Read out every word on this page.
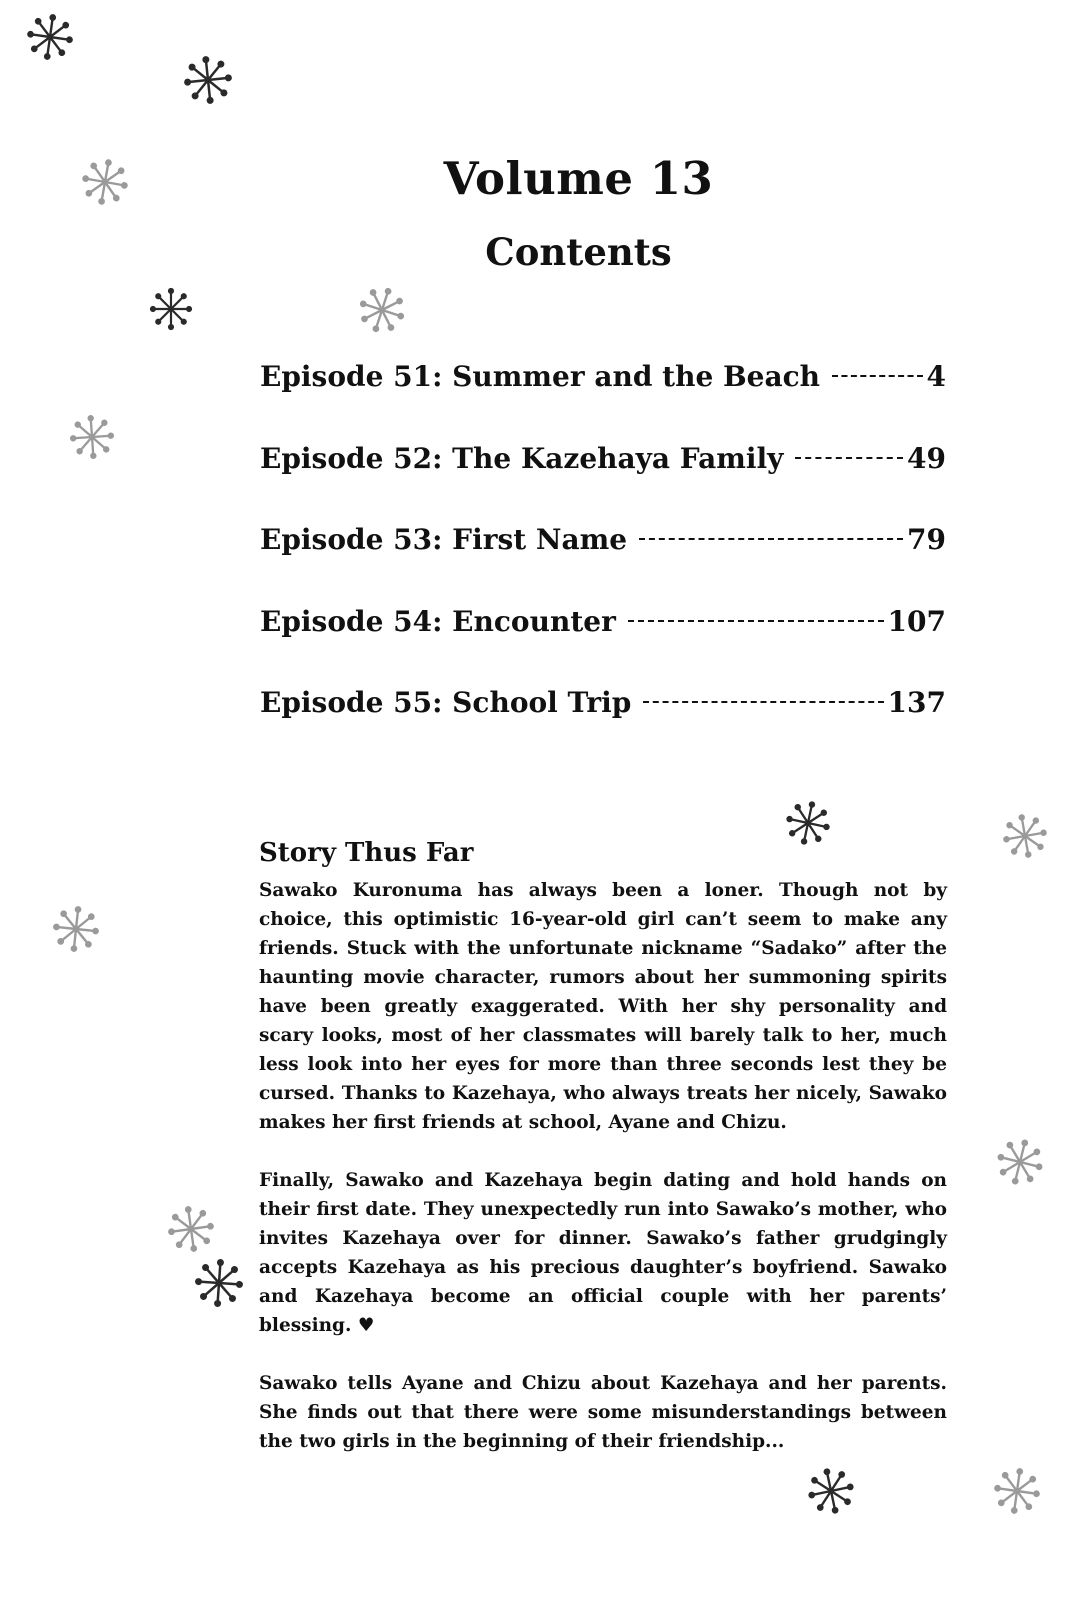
Volume 13
Contents
Episode 51: Summer and the Beach	4
Episode 52: The Kazehaya Family	49
Episode 53: First Name	79
Episode 54: Encounter	107
Episode 55: School Trip	137
Story Thus Far

Sawako Kuronuma has always been a loner. Though not by choice, this optimistic 16-year-old girl can’t seem to make any friends. Stuck with the unfortunate nickname “Sadako” after the haunting movie character, rumors about her summoning spirits have been greatly exaggerated. With her shy personality and scary looks, most of her classmates will barely talk to her, much less look into her eyes for more than three seconds lest they be cursed. Thanks to Kazehaya, who always treats her nicely, Sawako makes her first friends at school, Ayane and Chizu.

Finally, Sawako and Kazehaya begin dating and hold hands on their first date. They unexpectedly run into Sawako’s mother, who invites Kazehaya over for dinner. Sawako’s father grudgingly accepts Kazehaya as his precious daughter’s boyfriend. Sawako and Kazehaya become an official couple with her parents’ blessing. ♥

Sawako tells Ayane and Chizu about Kazehaya and her parents. She finds out that there were some misunderstandings between the two girls in the beginning of their friendship...
